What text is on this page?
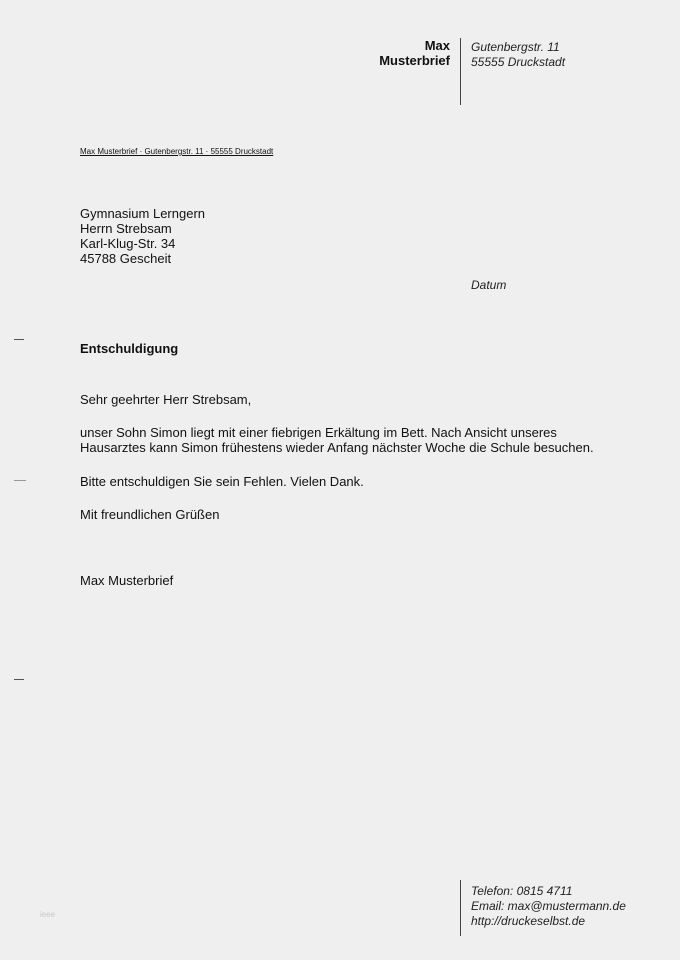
Max
Musterbrief
Gutenbergstr. 11
55555 Druckstadt
Max Musterbrief · Gutenbergstr. 11 · 55555 Druckstadt
Gymnasium Lerngern
Herrn Strebsam
Karl-Klug-Str. 34
45788 Gescheit
Datum
Entschuldigung
Sehr geehrter Herr Strebsam,
unser Sohn Simon liegt mit einer fiebrigen Erkältung im Bett. Nach Ansicht unseres
Hausarztes kann Simon frühestens wieder Anfang nächster Woche die Schule besuchen.
Bitte entschuldigen Sie sein Fehlen. Vielen Dank.
Mit freundlichen Grüßen
Max Musterbrief
Telefon: 0815 4711
Email: max@mustermann.de
http://druckeselbst.de
ieee
